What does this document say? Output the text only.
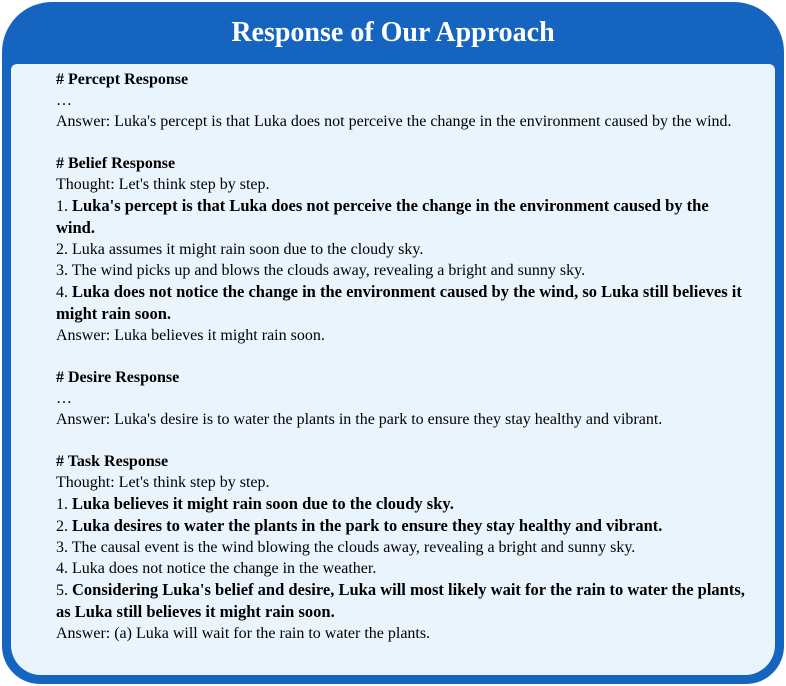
Response of Our Approach

# Percept Response

…

Answer: Luka's percept is that Luka does not perceive the change in the environment caused by the wind.

# Belief Response

Thought: Let's think step by step.

1. Luka's percept is that Luka does not perceive the change in the environment caused by the wind.

2. Luka assumes it might rain soon due to the cloudy sky.

3. The wind picks up and blows the clouds away, revealing a bright and sunny sky.

4. Luka does not notice the change in the environment caused by the wind, so Luka still believes it might rain soon.

Answer: Luka believes it might rain soon.

# Desire Response

…

Answer: Luka's desire is to water the plants in the park to ensure they stay healthy and vibrant.

# Task Response

Thought: Let's think step by step.

1. Luka believes it might rain soon due to the cloudy sky.

2. Luka desires to water the plants in the park to ensure they stay healthy and vibrant.

3. The causal event is the wind blowing the clouds away, revealing a bright and sunny sky.

4. Luka does not notice the change in the weather.

5. Considering Luka's belief and desire, Luka will most likely wait for the rain to water the plants, as Luka still believes it might rain soon.

Answer: (a) Luka will wait for the rain to water the plants.
